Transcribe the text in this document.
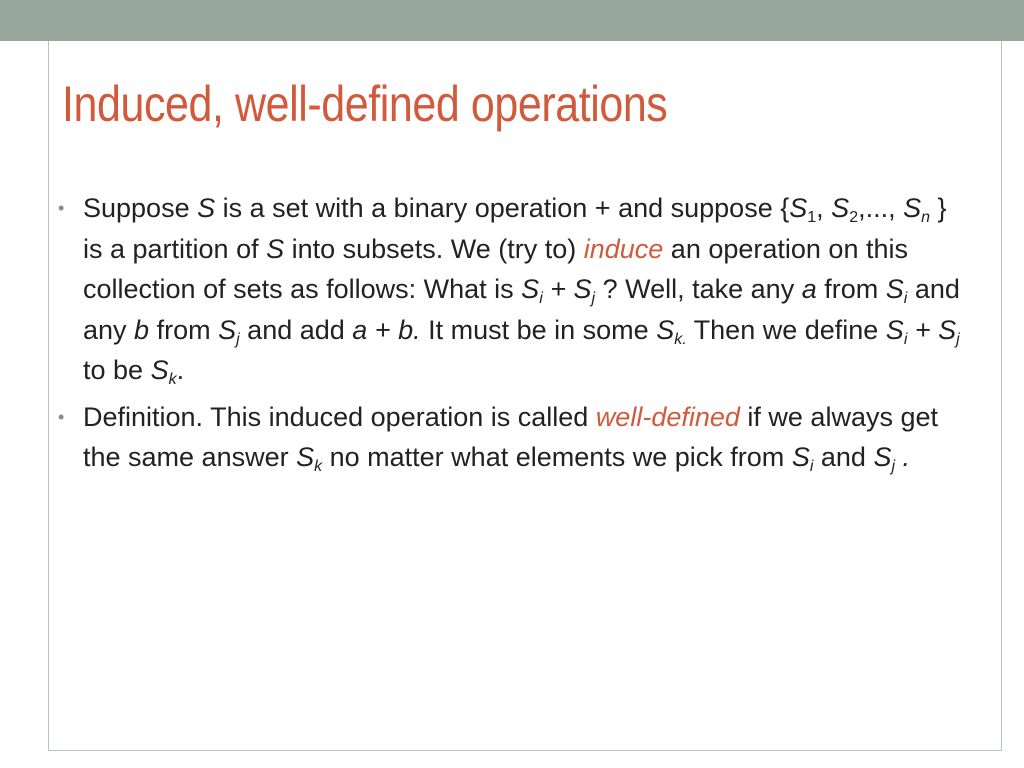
Induced, well-defined operations
• Suppose S is a set with a binary operation + and suppose {$S_1$, $S_2$,..., $S_n$ } is a partition of S into subsets. We (try to) induce an operation on this collection of sets as follows: What is $S_i + S_j$ ? Well, take any a from $S_i$ and any b from $S_j$ and add a + b. It must be in some $S_{k.}$ Then we define $S_i + S_j$ to be $S_k$.
• Definition. This induced operation is called well-defined if we always get the same answer $S_k$ no matter what elements we pick from $S_i$ and $S_j$ .
